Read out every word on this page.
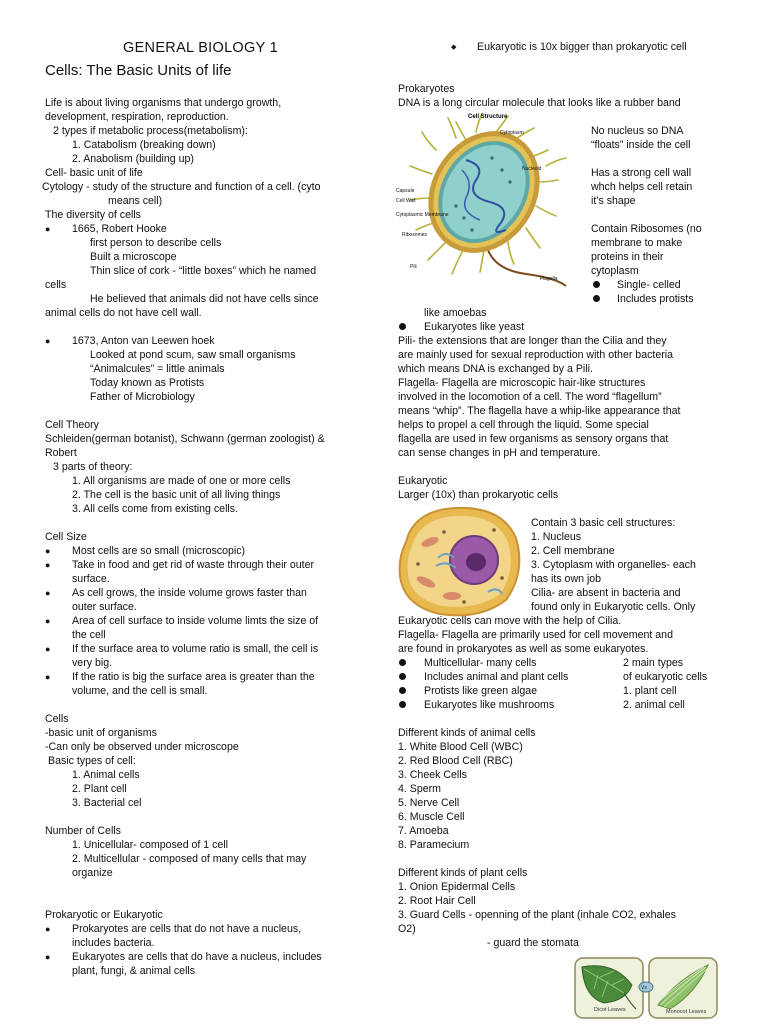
GENERAL BIOLOGY 1
Cells: The Basic Units of life
Life is about living organisms that undergo growth,
development, respiration, reproduction.
2 types if metabolic process(metabolism):
1. Catabolism (breaking down)
2. Anabolism (building up)
Cell- basic unit of life
Cytology - study of the structure and function of a cell. (cyto
means cell)
The diversity of cells
● 1665, Robert Hooke
first person to describe cells
Built a microscope
Thin slice of cork - “little boxes” which he named
cells
He believed that animals did not have cells since
animal cells do not have cell wall.
● 1673, Anton van Leewen hoek
Looked at pond scum, saw small organisms
“Animalcules” = little animals
Today known as Protists
Father of Microbiology
Cell Theory
Schleiden(german botanist), Schwann (german zoologist) &
Robert
3 parts of theory:
1. All organisms are made of one or more cells
2. The cell is the basic unit of all living things
3. All cells come from existing cells.
Cell Size
● Most cells are so small (microscopic)
● Take in food and get rid of waste through their outer
surface.
● As cell grows, the inside volume grows faster than
outer surface.
● Area of cell surface to inside volume limts the size of
the cell
● If the surface area to volume ratio is small, the cell is
very big.
● If the ratio is big the surface area is greater than the
volume, and the cell is small.
Cells
-basic unit of organisms
-Can only be observed under microscope
Basic types of cell:
1. Animal cells
2. Plant cell
3. Bacterial cel
Number of Cells
1. Unicellular- composed of 1 cell
2. Multicellular - composed of many cells that may
organize
Prokaryotic or Eukaryotic
● Prokaryotes are cells that do not have a nucleus,
includes bacteria.
● Eukaryotes are cells that do have a nucleus, includes
plant, fungi, & animal cells
◆ Eukaryotic is 10x bigger than prokaryotic cell
Prokaryotes
DNA is a long circular molecule that looks like a rubber band
Cell Structure
Capsule
Cell Wall
Cytoplasmic Membrane
Ribosomes
Pili
Cytoplasm
Nucleoid
Flagella
No nucleus so DNA
“floats” inside the cell
Has a strong cell wall
whch helps cell retain
it’s shape
Contain Ribosomes (no
membrane to make
proteins in their
cytoplasm
Single- celled
Includes protists
like amoebas
Eukaryotes like yeast
Pili- the extensions that are longer than the Cilia and they
are mainly used for sexual reproduction with other bacteria
which means DNA is exchanged by a Pili.
Flagella- Flagella are microscopic hair-like structures
involved in the locomotion of a cell. The word “flagellum”
means “whip”. The flagella have a whip-like appearance that
helps to propel a cell through the liquid. Some special
flagella are used in few organisms as sensory organs that
can sense changes in pH and temperature.
Eukaryotic
Larger (10x) than prokaryotic cells
Contain 3 basic cell structures:
1. Nucleus
2. Cell membrane
3. Cytoplasm with organelles- each
has its own job
Cilia- are absent in bacteria and
found only in Eukaryotic cells. Only
Eukaryotic cells can move with the help of Cilia.
Flagella- Flagella are primarily used for cell movement and
are found in prokaryotes as well as some eukaryotes.
Multicellular- many cells
Includes animal and plant cells
Protists like green algae
Eukaryotes like mushrooms
2 main types
of eukaryotic cells
1. plant cell
2. animal cell
Different kinds of animal cells
1. White Blood Cell (WBC)
2. Red Blood Cell (RBC)
3. Cheek Cells
4. Sperm
5. Nerve Cell
6. Muscle Cell
7. Amoeba
8. Paramecium
Different kinds of plant cells
1. Onion Epidermal Cells
2. Root Hair Cell
3. Guard Cells - openning of the plant (inhale CO2, exhales
O2)
- guard the stomata
Vs
Dicot Leaves	Monocot Leaves
